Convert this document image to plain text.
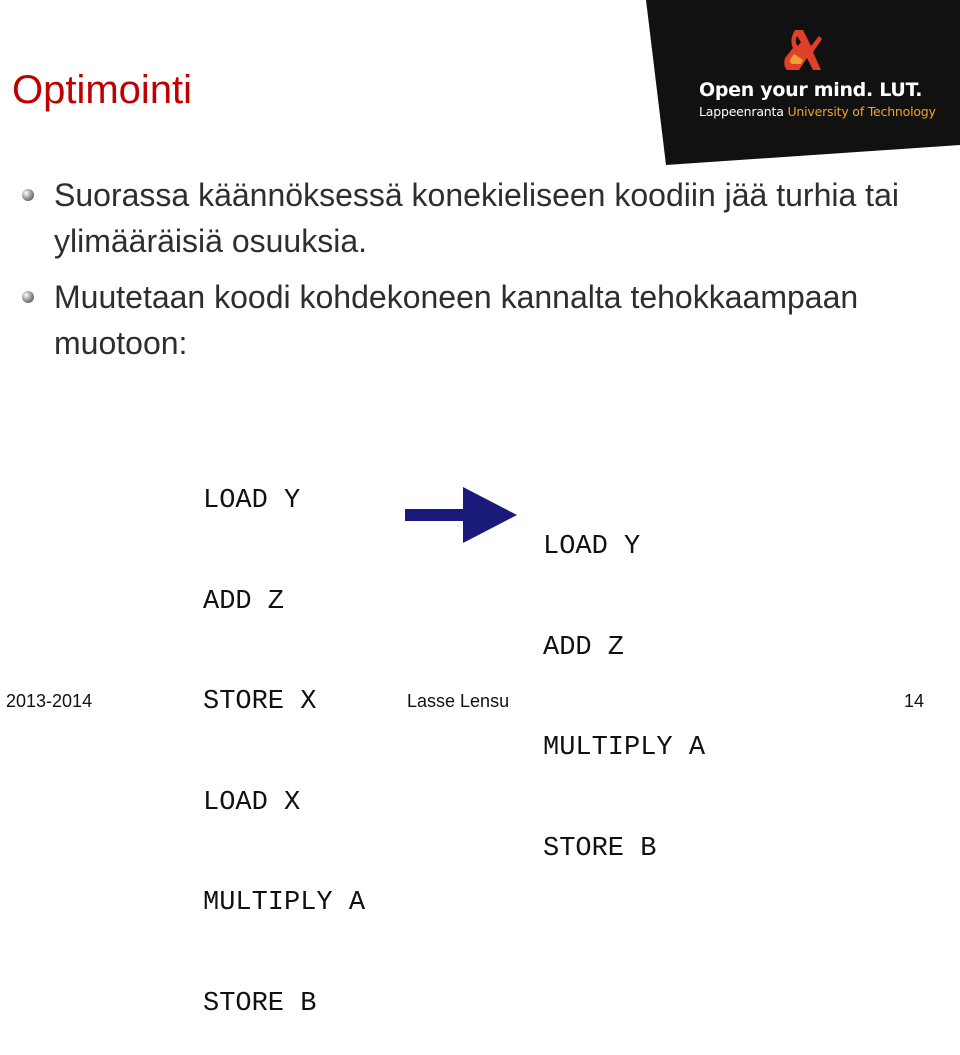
Optimointi	Open your mind. LUT.
Lappeenranta University of Technology
Suorassa käännöksessä konekieliseen koodiin jää turhia tai ylimääräisiä osuuksia.
Muutetaan koodi kohdekoneen kannalta tehokkaampaan muotoon:

LOAD Y

ADD Z

STORE X

LOAD X

MULTIPLY A

STORE B

LOAD Y

ADD Z

MULTIPLY A

STORE B

2013-2014	Lasse Lensu	14
